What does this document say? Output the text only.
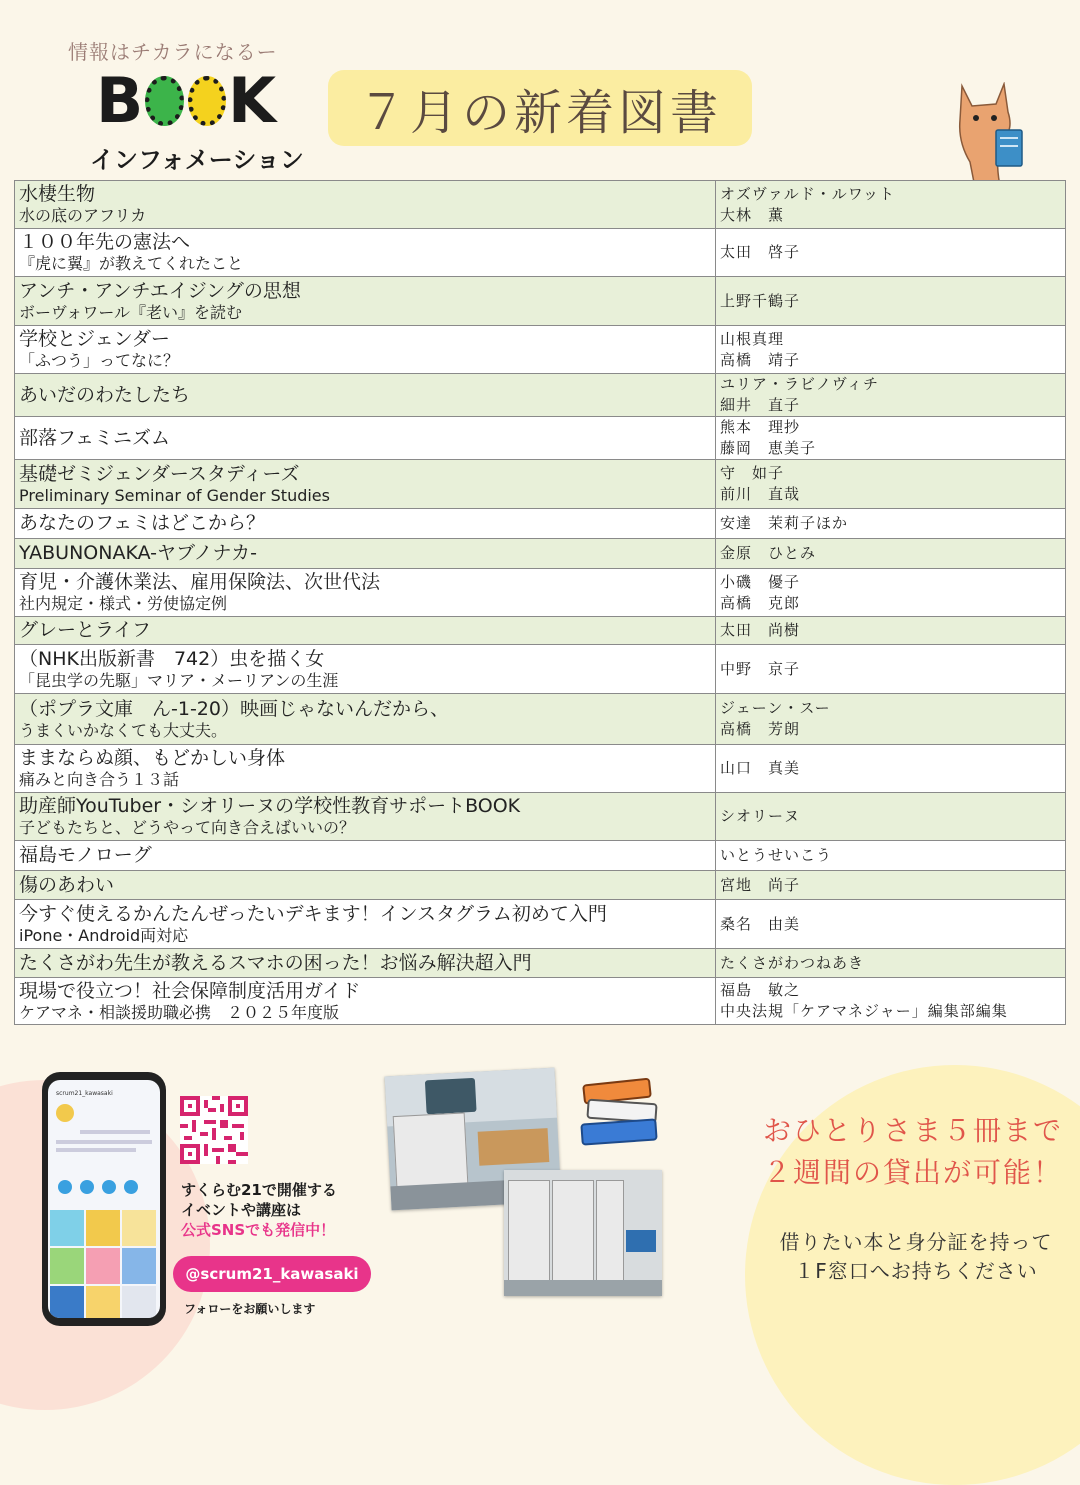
情報はチカラになるー
B K
インフォメーション
７月の新着図書
水棲生物
水の底のアフリカ	オズヴァルド・ルワット
大林　薫

１００年先の憲法へ
『虎に翼』が教えてくれたこと	太田　啓子

アンチ・アンチエイジングの思想
ボーヴォワール『老い』を読む	上野千鶴子

学校とジェンダー
「ふつう」ってなに？	山根真理
高橋　靖子

あいだのわたしたち	ユリア・ラビノヴィチ
細井　直子

部落フェミニズム	熊本　理抄
藤岡　恵美子

基礎ゼミジェンダースタディーズ
Preliminary Seminar of Gender Studies	守　如子
前川　直哉

あなたのフェミはどこから？	安達　茉莉子ほか

YABUNONAKA-ヤブノナカ-	金原　ひとみ

育児・介護休業法、雇用保険法、次世代法
社内規定・様式・労使協定例	小磯　優子
高橋　克郎

グレーとライフ	太田　尚樹

（NHK出版新書　742）虫を描く女
「昆虫学の先駆」マリア・メーリアンの生涯	中野　京子

（ポプラ文庫　ん-1-20）映画じゃないんだから、
うまくいかなくても大丈夫。	ジェーン・スー
高橋　芳朗

ままならぬ顔、もどかしい身体
痛みと向き合う１３話	山口　真美

助産師YouTuber・シオリーヌの学校性教育サポートBOOK
子どもたちと、どうやって向き合えばいいの？	シオリーヌ

福島モノローグ	いとうせいこう

傷のあわい	宮地　尚子

今すぐ使えるかんたんぜったいデキます！インスタグラム初めて入門
iPone・Android両対応	桑名　由美

たくさがわ先生が教えるスマホの困った！お悩み解決超入門	たくさがわつねあき

現場で役立つ！社会保障制度活用ガイド
ケアマネ・相談援助職必携　２０２５年度版	福島　敏之
中央法規「ケアマネジャー」編集部編集
scrum21_kawasaki
すくらむ21で開催する
イベントや講座は
公式SNSでも発信中！
@scrum21_kawasaki
フォローをお願いします
おひとりさま５冊まで
２週間の貸出が可能！
借りたい本と身分証を持って
１F窓口へお持ちください
